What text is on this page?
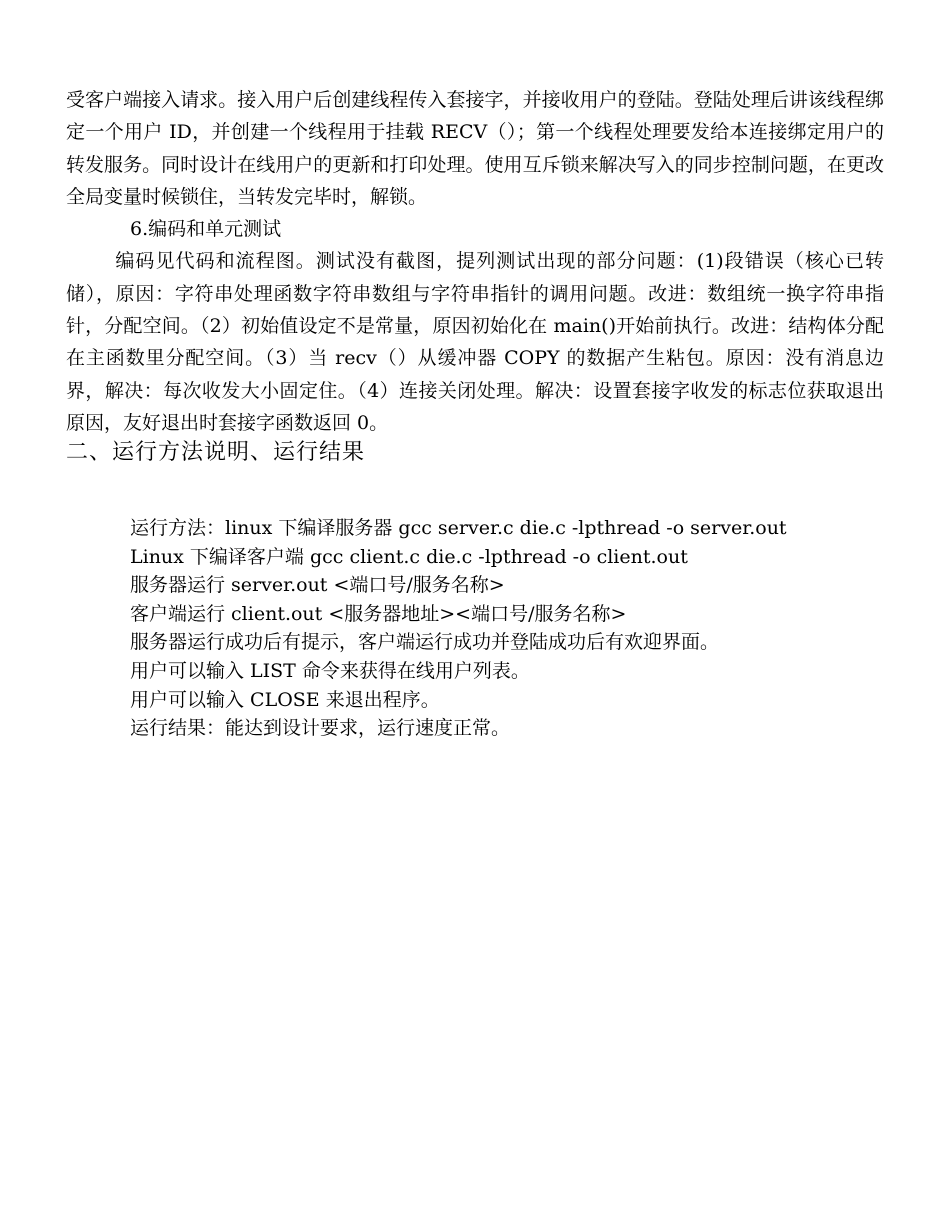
受客户端接入请求。接入用户后创建线程传入套接字，并接收用户的登陆。登陆处理后讲该线程绑定一个用户 ID，并创建一个线程用于挂载 RECV（）；第一个线程处理要发给本连接绑定用户的转发服务。同时设计在线用户的更新和打印处理。使用互斥锁来解决写入的同步控制问题，在更改全局变量时候锁住，当转发完毕时，解锁。

6.编码和单元测试

编码见代码和流程图。测试没有截图，提列测试出现的部分问题：(1)段错误（核心已转储），原因：字符串处理函数字符串数组与字符串指针的调用问题。改进：数组统一换字符串指针，分配空间。（2）初始值设定不是常量，原因初始化在 main()开始前执行。改进：结构体分配在主函数里分配空间。（3）当 recv（）从缓冲器 COPY 的数据产生粘包。原因：没有消息边界，解决：每次收发大小固定住。（4）连接关闭处理。解决：设置套接字收发的标志位获取退出原因，友好退出时套接字函数返回 0。

二、运行方法说明、运行结果

运行方法：linux 下编译服务器 gcc server.c die.c -lpthread -o server.out

Linux 下编译客户端 gcc client.c die.c -lpthread -o client.out

服务器运行 server.out <端口号/服务名称>

客户端运行 client.out <服务器地址><端口号/服务名称>

服务器运行成功后有提示，客户端运行成功并登陆成功后有欢迎界面。

用户可以输入 LIST 命令来获得在线用户列表。

用户可以输入 CLOSE 来退出程序。

运行结果：能达到设计要求，运行速度正常。
